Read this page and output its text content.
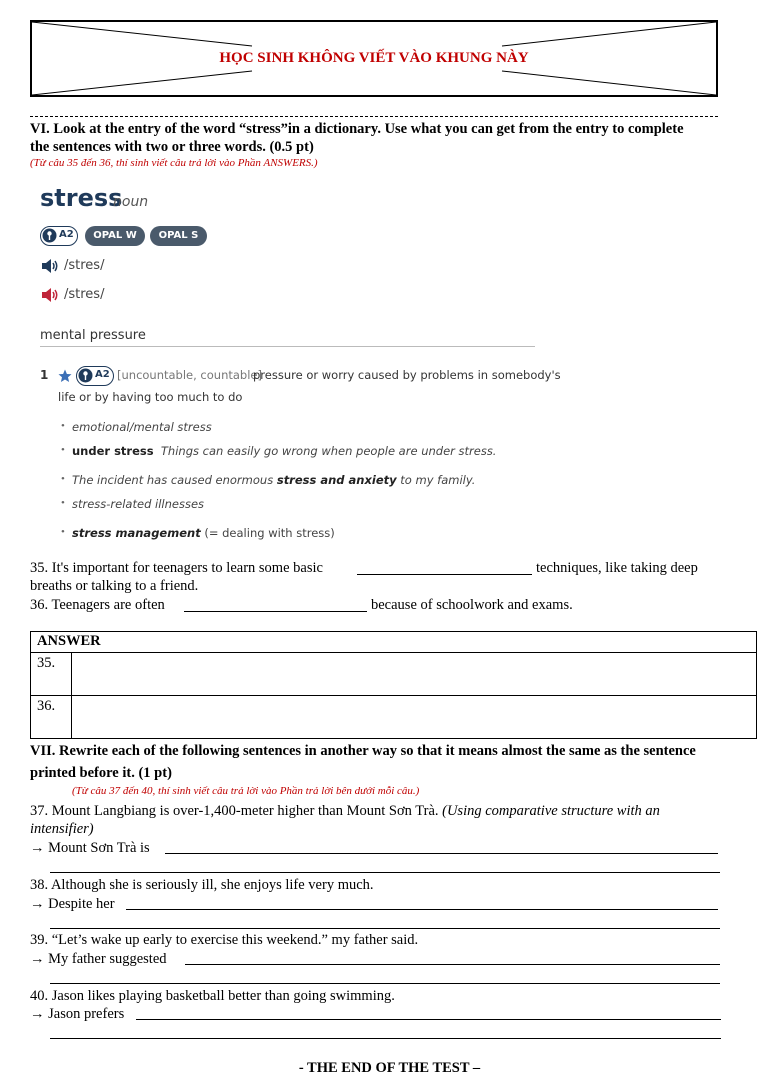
HỌC SINH KHÔNG VIẾT VÀO KHUNG NÀY
VI. Look at the entry of the word “stress”in a dictionary. Use what you can get from the entry to complete
the sentences with two or three words. (0.5 pt)
(Từ câu 35 đến 36, thí sinh viết câu trả lời vào Phần ANSWERS.)
stress
noun
A2	OPAL W	OPAL S
/stres/
/stres/
mental pressure
1	A2 [uncountable, countable]
pressure or worry caused by problems in somebody's
life or by having too much to do
• emotional/mental stress
• under stress Things can easily go wrong when people are under stress.
• The incident has caused enormous stress and anxiety to my family.
• stress-related illnesses
• stress management (= dealing with stress)
35. It's important for teenagers to learn some basic	techniques, like taking deep
breaths or talking to a friend.
36. Teenagers are often	because of schoolwork and exams.
ANSWER	
35.	
36.	
VII. Rewrite each of the following sentences in another way so that it means almost the same as the sentence
printed before it. (1 pt)
(Từ câu 37 đến 40, thí sinh viết câu trả lời vào Phần trả lời bên dưới mỗi câu.)
37. Mount Langbiang is over-1,400-meter higher than Mount Sơn Trà. (Using comparative structure with an
intensifier)
→ Mount Sơn Trà is
38. Although she is seriously ill, she enjoys life very much.
→ Despite her
39. “Let’s wake up early to exercise this weekend.” my father said.
→ My father suggested
40. Jason likes playing basketball better than going swimming.
→ Jason prefers
- THE END OF THE TEST –
